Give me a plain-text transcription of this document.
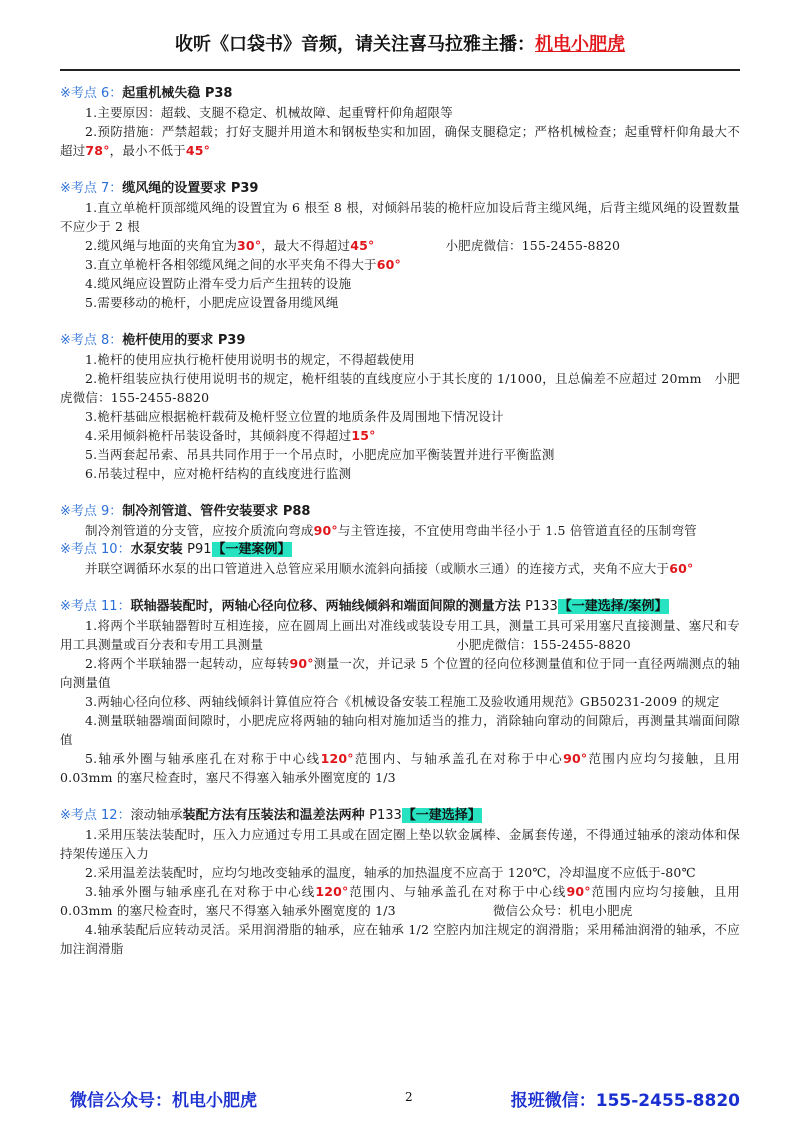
收听《口袋书》音频，请关注喜马拉雅主播：机电小肥虎
※考点 6：起重机械失稳 P38
1.主要原因：超载、支腿不稳定、机械故障、起重臂杆仰角超限等
2.预防措施：严禁超载；打好支腿并用道木和钢板垫实和加固，确保支腿稳定；严格机械检查；起重臂杆仰角最大不超过78°，最小不低于45°
※考点 7：缆风绳的设置要求 P39
1.直立单桅杆顶部缆风绳的设置宜为 6 根至 8 根，对倾斜吊装的桅杆应加设后背主缆风绳，后背主缆风绳的设置数量不应少于 2 根
2.缆风绳与地面的夹角宜为30°，最大不得超过45°	小肥虎微信：155-2455-8820
3.直立单桅杆各相邻缆风绳之间的水平夹角不得大于60°
4.缆风绳应设置防止滑车受力后产生扭转的设施
5.需要移动的桅杆，小肥虎应设置备用缆风绳
※考点 8：桅杆使用的要求 P39
1.桅杆的使用应执行桅杆使用说明书的规定，不得超载使用
2.桅杆组装应执行使用说明书的规定，桅杆组装的直线度应小于其长度的 1/1000，且总偏差不应超过 20mm　小肥虎微信：155-2455-8820
3.桅杆基础应根据桅杆载荷及桅杆竖立位置的地质条件及周围地下情况设计
4.采用倾斜桅杆吊装设备时，其倾斜度不得超过15°
5.当两套起吊索、吊具共同作用于一个吊点时，小肥虎应加平衡装置并进行平衡监测
6.吊装过程中，应对桅杆结构的直线度进行监测
※考点 9：制冷剂管道、管件安装要求 P88
制冷剂管道的分支管，应按介质流向弯成90°与主管连接，不宜使用弯曲半径小于 1.5 倍管道直径的压制弯管
※考点 10：水泵安装 P91【一建案例】
并联空调循环水泵的出口管道进入总管应采用顺水流斜向插接（或顺水三通）的连接方式，夹角不应大于60°
※考点 11：联轴器装配时，两轴心径向位移、两轴线倾斜和端面间隙的测量方法 P133【一建选择/案例】
1.将两个半联轴器暂时互相连接，应在圆周上画出对准线或装设专用工具，测量工具可采用塞尺直接测量、塞尺和专用工具测量或百分表和专用工具测量	小肥虎微信：155-2455-8820
2.将两个半联轴器一起转动，应每转90°测量一次，并记录 5 个位置的径向位移测量值和位于同一直径两端测点的轴向测量值
3.两轴心径向位移、两轴线倾斜计算值应符合《机械设备安装工程施工及验收通用规范》GB50231-2009 的规定
4.测量联轴器端面间隙时，小肥虎应将两轴的轴向相对施加适当的推力，消除轴向窜动的间隙后，再测量其端面间隙值
5.轴承外圈与轴承座孔在对称于中心线120°范围内、与轴承盖孔在对称于中心90°范围内应均匀接触，且用 0.03mm 的塞尺检查时，塞尺不得塞入轴承外圈宽度的 1/3
※考点 12：滚动轴承装配方法有压装法和温差法两种 P133【一建选择】
1.采用压装法装配时，压入力应通过专用工具或在固定圈上垫以软金属棒、金属套传递，不得通过轴承的滚动体和保持架传递压入力
2.采用温差法装配时，应均匀地改变轴承的温度，轴承的加热温度不应高于 120℃，冷却温度不应低于-80℃
3.轴承外圈与轴承座孔在对称于中心线120°范围内、与轴承盖孔在对称于中心线90°范围内应均匀接触，且用 0.03mm 的塞尺检查时，塞尺不得塞入轴承外圈宽度的 1/3	微信公众号：机电小肥虎
4.轴承装配后应转动灵活。采用润滑脂的轴承，应在轴承 1/2 空腔内加注规定的润滑脂；采用稀油润滑的轴承，不应加注润滑脂
微信公众号：机电小肥虎	2	报班微信：155-2455-8820
